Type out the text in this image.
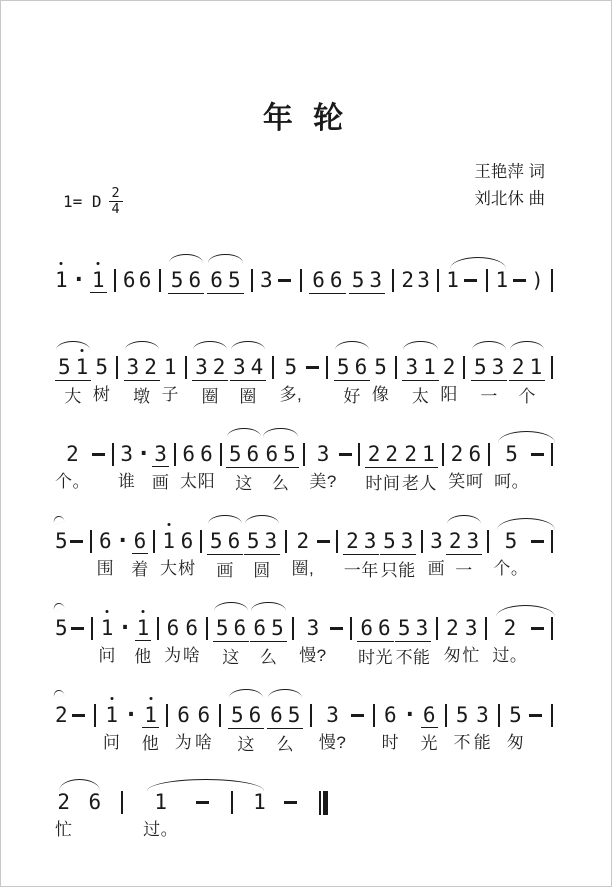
年 轮
1= D $\frac{2}{4}$
王艳萍 词
刘北休 曲
1 · 1 6 6 5 6 6 5 3 6 6 5 3 2 3 1 1 )
5 1
大
5
树
3 2
墩
1
子
3 2
圈
3 4
圈
5
多,
5 6
好
5
像
3 1
太
2
阳
5 3
一
2 1
个
2
个。
3
谁
· 3
画
6
太
6
阳
5 6
这
6 5
么
3
美?
2 2
时间
2 1
老人
2
笑
6
呵
5
呵。
5 6
围
· 6
着
1
大
6
树
5 6
画
5 3
圆
2
圈,
2 3
一年
5 3
只能
3
画
2 3
一
5
个。
5 1
问
· 1
他
6
为
6
啥
5 6
这
6 5
么
3
慢?
6 6
时光
5 3
不能
2
匆
3
忙
2
过。
2 1
问
· 1
他
6
为
6
啥
5 6
这
6 5
么
3
慢?
6
时
· 6
光
5
不
3
能
5
匆
2
忙
6	1
过。
1
